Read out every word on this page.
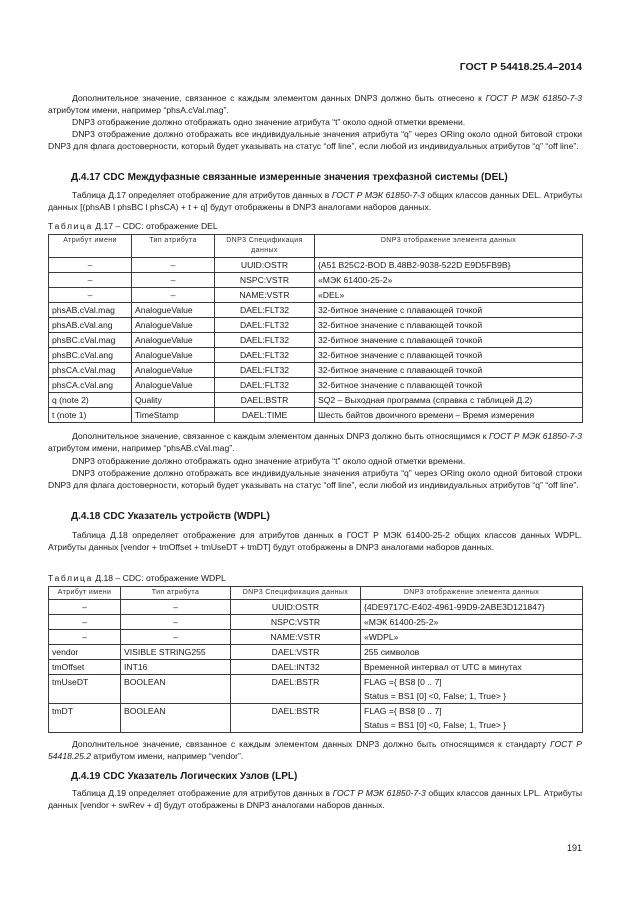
ГОСТ Р 54418.25.4–2014

Дополнительное значение, связанное с каждым элементом данных DNP3 должно быть отнесено к ГОСТ Р МЭК 61850-7-3 атрибутом имени, например “phsA.cVal.mag”.

DNP3 отображение должно отображать одно значение атрибута “t” около одной отметки времени.

DNP3 отображение должно отображать все индивидуальные значения атрибута “q” через ORing около одной битовой строки DNP3 для флага достоверности, который будет указывать на статус “off line”, если любой из индивидуальных атрибутов “q” “off line”.

Д.4.17 CDC Междуфазные связанные измеренные значения трехфазной системы (DEL)

Таблица Д.17 определяет отображение для атрибутов данных в ГОСТ Р МЭК 61850-7-3 общих классов данных DEL. Атрибуты данных [(phsAB l phsBC l phsCA) + t + q] будут отображены в DNP3 аналогами наборов данных.

Таблица Д.17 – CDC: отображение DEL
Атрибут имени	Тип атрибута	DNP3 Спецификация данных	DNP3 отображение элемента данных
–	–	UUID:OSTR	{A51 B25C2-BOD B.48B2-9038-522D E9D5FB9B}
–	–	NSPC:VSTR	«МЭК 61400-25-2»
–	–	NAME:VSTR	«DEL»
phsAB.cVal.mag	AnalogueValue	DAEL:FLT32	32-битное значение с плавающей точкой
phsAB.cVal.ang	AnalogueValue	DAEL:FLT32	32-битное значение с плавающей точкой
phsBC.cVal.mag	AnalogueValue	DAEL:FLT32	32-битное значение с плавающей точкой
phsBC.cVal.ang	AnalogueValue	DAEL:FLT32	32-битное значение с плавающей точкой
phsCA.cVal.mag	AnalogueValue	DAEL:FLT32	32-битное значение с плавающей точкой
phsCA.cVal.ang	AnalogueValue	DAEL:FLT32	32-битное значение с плавающей точкой
q (note 2)	Quality	DAEL:BSTR	SQ2 – Выходная программа (справка с таблицей Д.2)
t (note 1)	TimeStamp	DAEL:TIME	Шесть байтов двоичного времени – Время измерения

Дополнительное значение, связанное с каждым элементом данных DNP3 должно быть относящимся к ГОСТ Р МЭК 61850-7-3 атрибутом имени, например “phsAB.cVal.mag”.

DNP3 отображение должно отображать одно значение атрибута “t” около одной отметки времени.

DNP3 отображение должно отображать все индивидуальные значения атрибута “q” через ORing около одной битовой строки DNP3 для флага достоверности, который будет указывать на статус “off line”, если любой из индивидуальных атрибутов “q” “off line”.

Д.4.18 CDC Указатель устройств (WDPL)

Таблица Д.18 определяет отображение для атрибутов данных в ГОСТ Р МЭК 61400-25-2 общих классов данных WDPL. Атрибуты данных [vendor + tmOffset + tmUseDT + tmDT] будут отображены в DNP3 аналогами наборов данных.

Таблица Д.18 – CDC: отображение WDPL
Атрибут имени	Тип атрибута	DNP3 Спецификация данных	DNP3 отображение элемента данных
–	–	UUID:OSTR	{4DE9717C-E402-4961-99D9-2ABE3D121847}
–	–	NSPC:VSTR	«МЭК 61400-25-2»
–	–	NAME:VSTR	«WDPL»
vendor	VISIBLE STRING255	DAEL:VSTR	255 символов
tmOffset	INT16	DAEL:INT32	Временной интервал от UTC в минутах
tmUseDT	BOOLEAN	DAEL:BSTR	FLAG ={ BS8 [0 .. 7]
Status = BS1 [0] <0, False; 1, True> }

tmDT	BOOLEAN	DAEL:BSTR	FLAG ={ BS8 [0 .. 7]
Status = BS1 [0] <0, False; 1, True> }

Дополнительное значение, связанное с каждым элементом данных DNP3 должно быть относящимся к стандарту ГОСТ Р 54418.25.2 атрибутом имени, например “vendor”.

Д.4.19 CDC Указатель Логических Узлов (LPL)

Таблица Д.19 определяет отображение для атрибутов данных в ГОСТ Р МЭК 61850-7-3 общих классов данных LPL. Атрибуты данных [vendor + swRev + d] будут отображены в DNP3 аналогами наборов данных.

191
